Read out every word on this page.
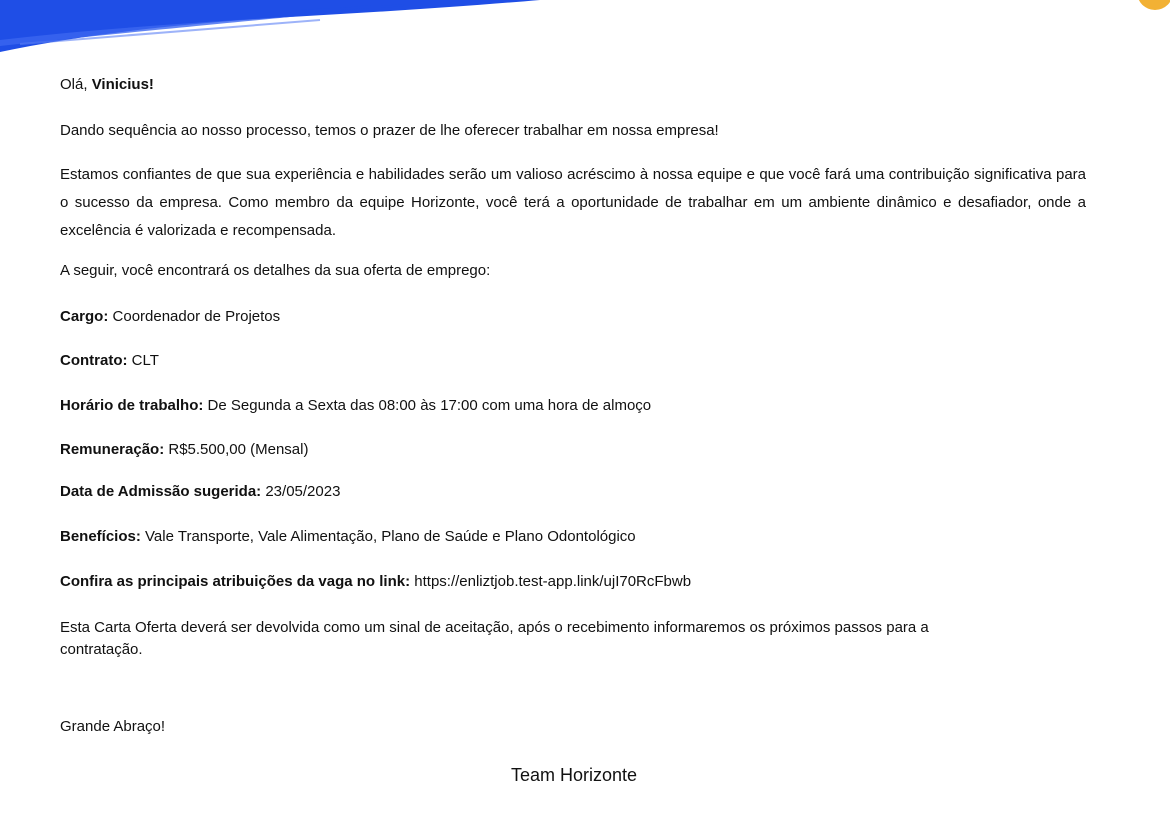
Olá, Vinicius!
Dando sequência ao nosso processo, temos o prazer de lhe oferecer trabalhar em nossa empresa!
Estamos confiantes de que sua experiência e habilidades serão um valioso acréscimo à nossa equipe e que você fará uma contribuição significativa para o sucesso da empresa. Como membro da equipe Horizonte, você terá a oportunidade de trabalhar em um ambiente dinâmico e desafiador, onde a excelência é valorizada e recompensada.
A seguir, você encontrará os detalhes da sua oferta de emprego:
Cargo: Coordenador de Projetos
Contrato: CLT
Horário de trabalho: De Segunda a Sexta das 08:00 às 17:00 com uma hora de almoço
Remuneração: R$5.500,00 (Mensal)
Data de Admissão sugerida: 23/05/2023
Benefícios: Vale Transporte, Vale Alimentação, Plano de Saúde e Plano Odontológico
Confira as principais atribuições da vaga no link: https://enliztjob.test-app.link/ujI70RcFbwb
Esta Carta Oferta deverá ser devolvida como um sinal de aceitação, após o recebimento informaremos os próximos passos para a contratação.
Grande Abraço!
Team Horizonte
